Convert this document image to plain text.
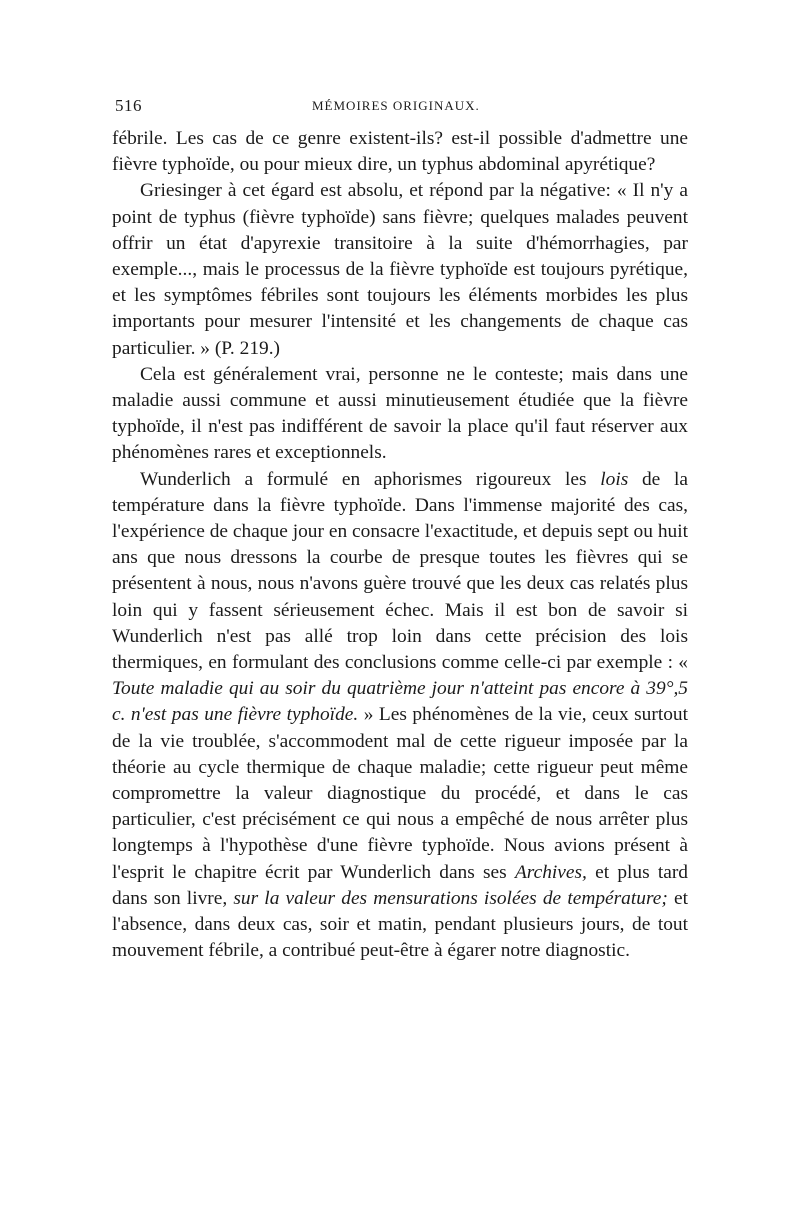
516	MÉMOIRES ORIGINAUX.

fébrile. Les cas de ce genre existent-ils? est-il possible d'admettre une fièvre typhoïde, ou pour mieux dire, un typhus abdominal apyrétique?

Griesinger à cet égard est absolu, et répond par la négative: « Il n'y a point de typhus (fièvre typhoïde) sans fièvre; quelques malades peuvent offrir un état d'apyrexie transitoire à la suite d'hémorrhagies, par exemple..., mais le processus de la fièvre typhoïde est toujours pyrétique, et les symptômes fébriles sont toujours les éléments morbides les plus importants pour mesurer l'intensité et les changements de chaque cas particulier. » (P. 219.)

Cela est généralement vrai, personne ne le conteste; mais dans une maladie aussi commune et aussi minutieusement étudiée que la fièvre typhoïde, il n'est pas indifférent de savoir la place qu'il faut réserver aux phénomènes rares et exceptionnels.

Wunderlich a formulé en aphorismes rigoureux les lois de la température dans la fièvre typhoïde. Dans l'immense majorité des cas, l'expérience de chaque jour en consacre l'exactitude, et depuis sept ou huit ans que nous dressons la courbe de presque toutes les fièvres qui se présentent à nous, nous n'avons guère trouvé que les deux cas relatés plus loin qui y fassent sérieusement échec. Mais il est bon de savoir si Wunderlich n'est pas allé trop loin dans cette précision des lois thermiques, en formulant des conclusions comme celle-ci par exemple : « Toute maladie qui au soir du quatrième jour n'atteint pas encore à 39°,5 c. n'est pas une fièvre typhoïde. » Les phénomènes de la vie, ceux surtout de la vie troublée, s'accommodent mal de cette rigueur imposée par la théorie au cycle thermique de chaque maladie; cette rigueur peut même compromettre la valeur diagnostique du procédé, et dans le cas particulier, c'est précisément ce qui nous a empêché de nous arrêter plus longtemps à l'hypothèse d'une fièvre typhoïde. Nous avions présent à l'esprit le chapitre écrit par Wunderlich dans ses Archives, et plus tard dans son livre, sur la valeur des mensurations isolées de température; et l'absence, dans deux cas, soir et matin, pendant plusieurs jours, de tout mouvement fébrile, a contribué peut-être à égarer notre diagnostic.
